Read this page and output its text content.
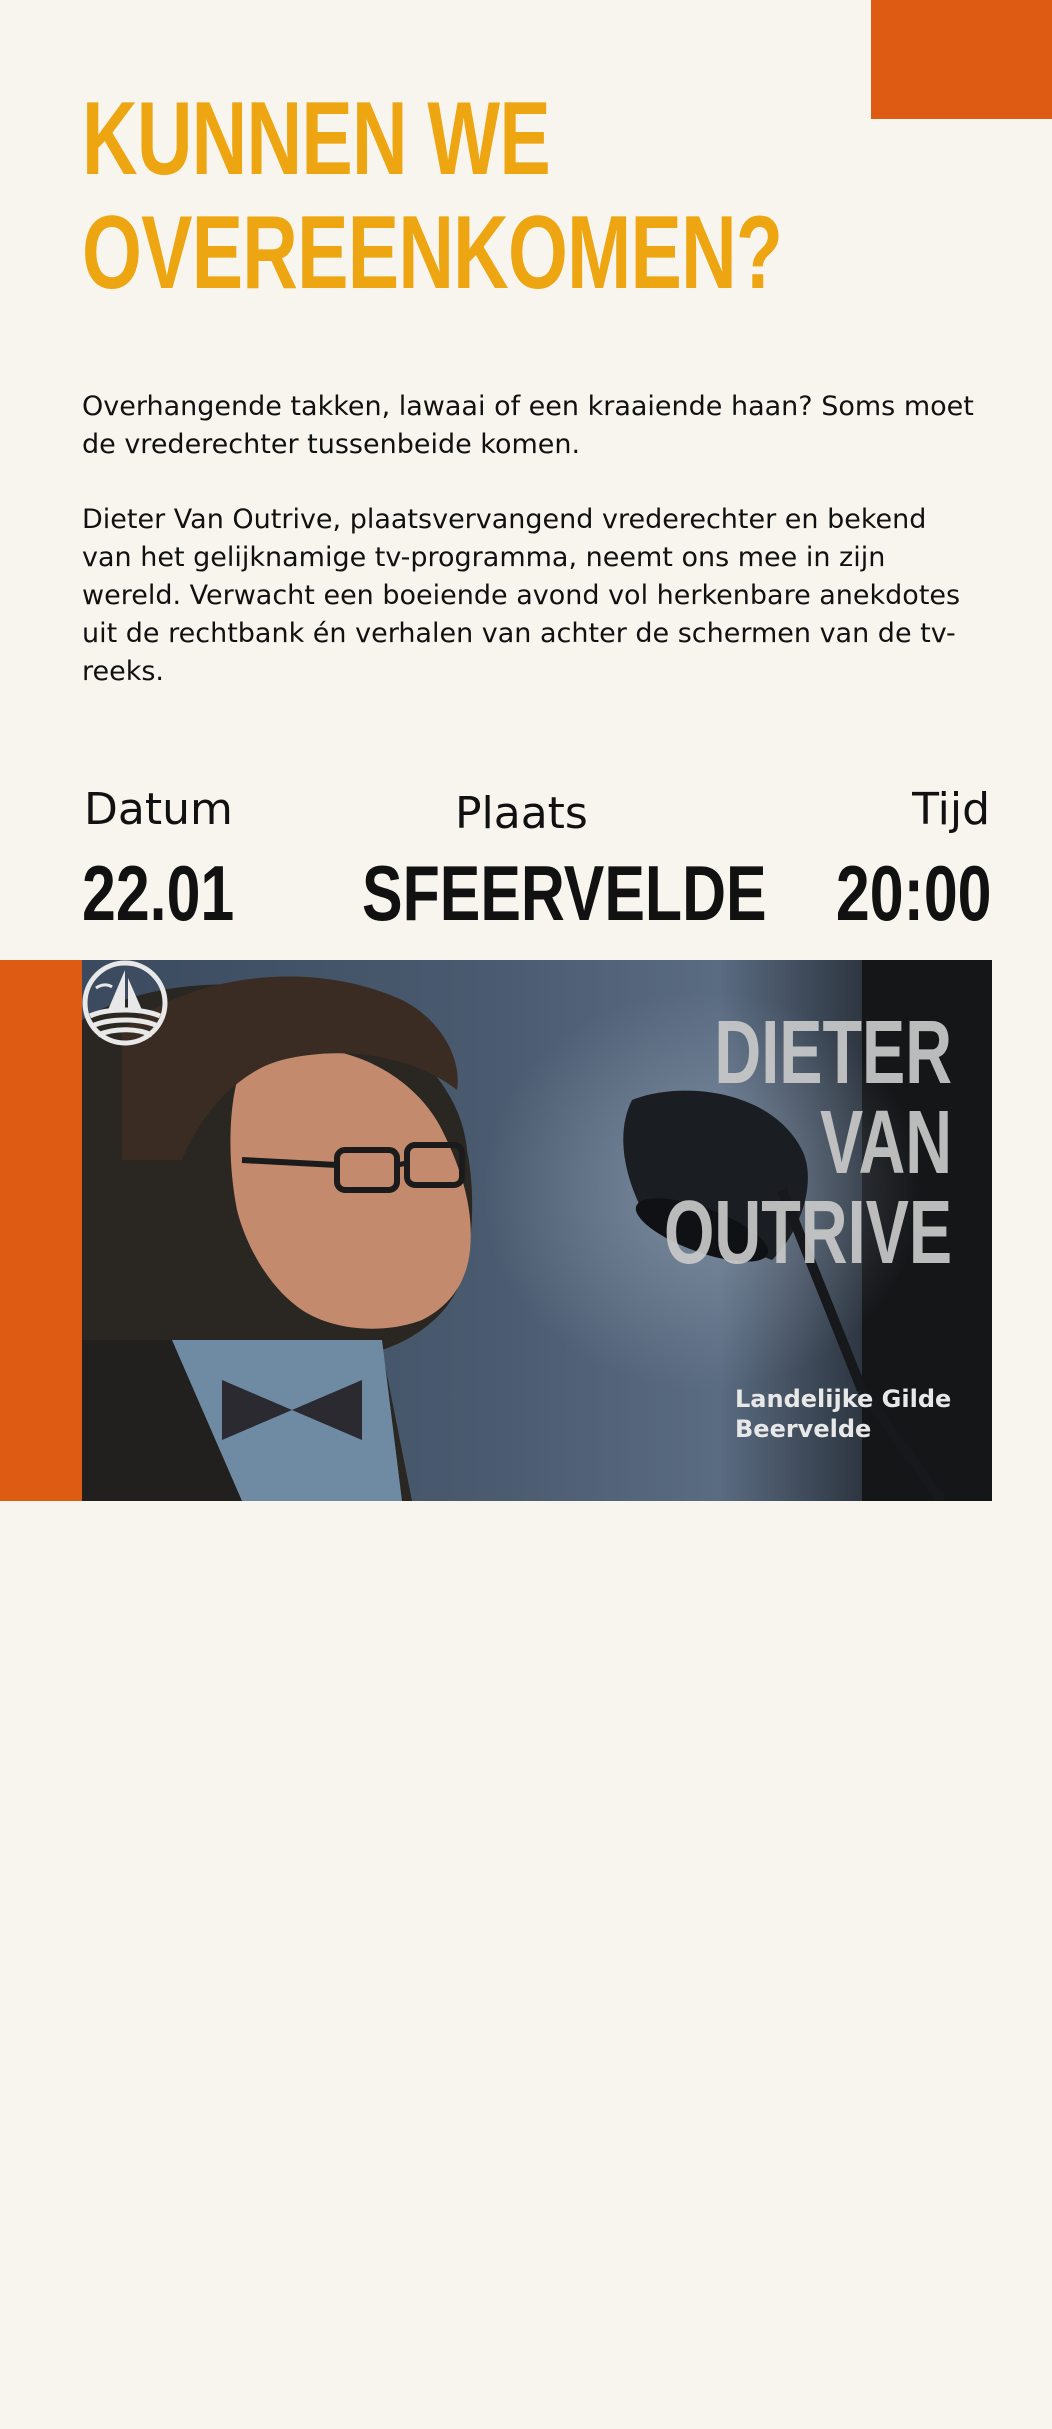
KUNNEN WE
OVEREENKOMEN?

Overhangende takken, lawaai of een kraaiende haan? Soms moet de vrederechter tussenbeide komen.

Dieter Van Outrive, plaatsvervangend vrederechter en bekend van het gelijknamige tv-programma, neemt ons mee in zijn wereld. Verwacht een boeiende avond vol herkenbare anekdotes uit de rechtbank én verhalen van achter de schermen van de tv-reeks.

Datum	Plaats	Tijd
22.01 SFEERVELDE 20:00
GRATIS
DIETER
VAN
OUTRIVE
Landelijke Gilde
Beervelde
